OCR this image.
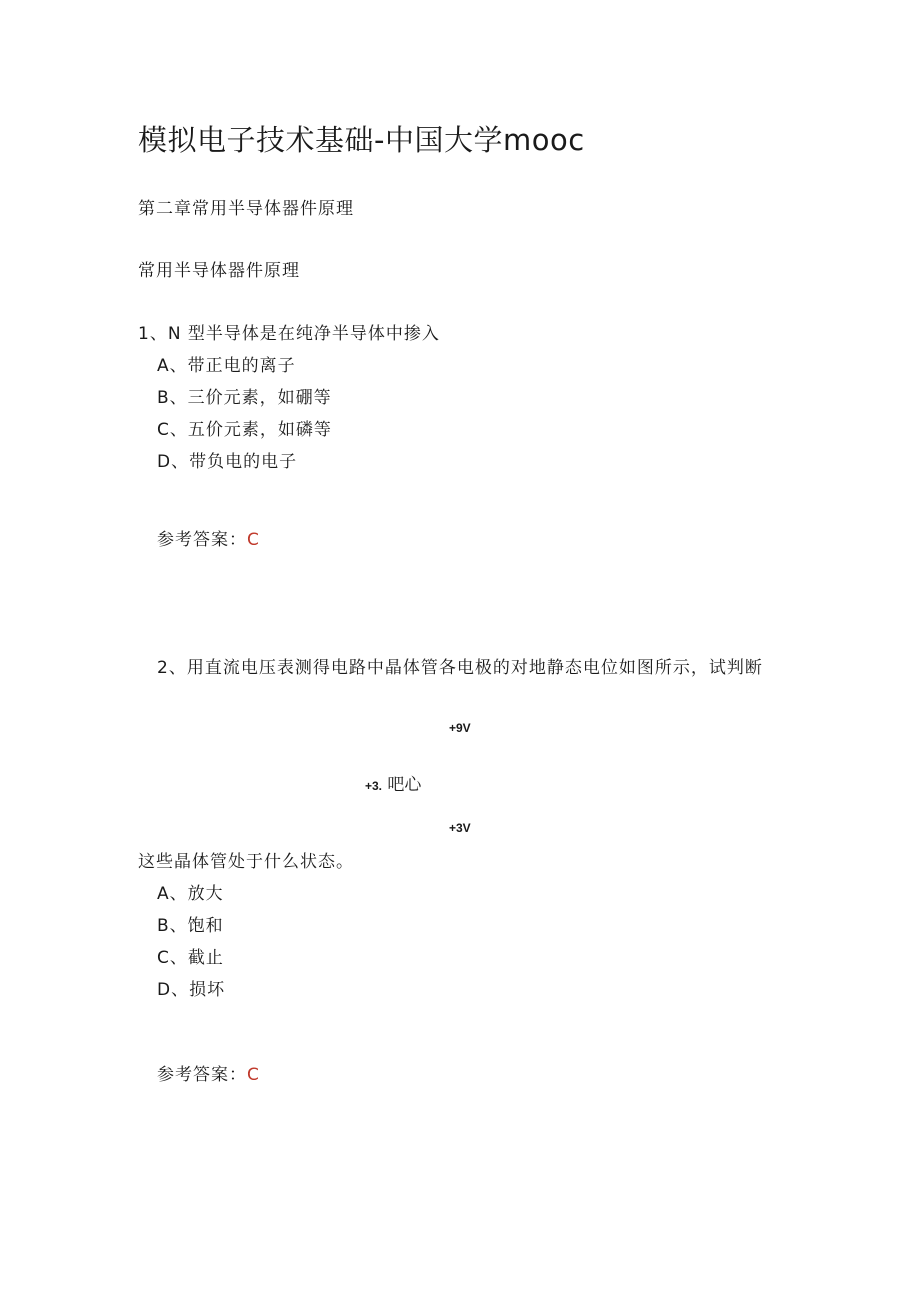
模拟电子技术基础-中国大学mooc
第二章常用半导体器件原理
常用半导体器件原理
1、N 型半导体是在纯净半导体中掺入
A、带正电的离子
B、三价元素，如硼等
C、五价元素，如磷等
D、带负电的电子
参考答案：C
2、用直流电压表测得电路中晶体管各电极的对地静态电位如图所示，试判断
+9V
+3. 吧心
+3V
这些晶体管处于什么状态。
A、放大
B、饱和
C、截止
D、损坏
参考答案：C
